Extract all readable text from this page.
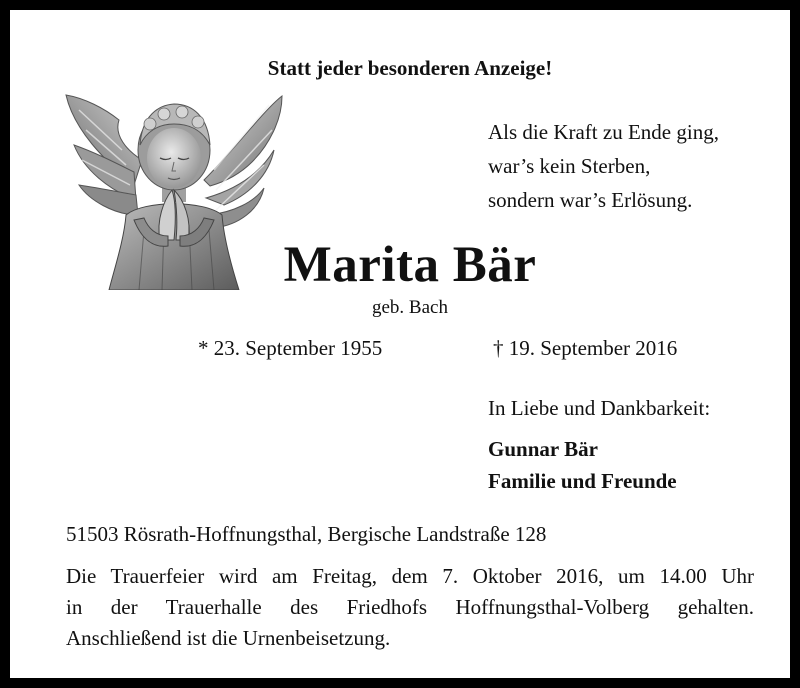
Statt jeder besonderen Anzeige!
Als die Kraft zu Ende ging,
war’s kein Sterben,
sondern war’s Erlösung.
Marita Bär
geb. Bach
* 23. September 1955	† 19. September 2016
In Liebe und Dankbarkeit:
Gunnar Bär
Familie und Freunde
51503 Rösrath-Hoffnungsthal, Bergische Landstraße 128
Die Trauerfeier wird am Freitag, dem 7. Oktober 2016, um 14.00 Uhr
in der Trauerhalle des Friedhofs Hoffnungsthal-Volberg gehalten.
Anschließend ist die Urnenbeisetzung.
